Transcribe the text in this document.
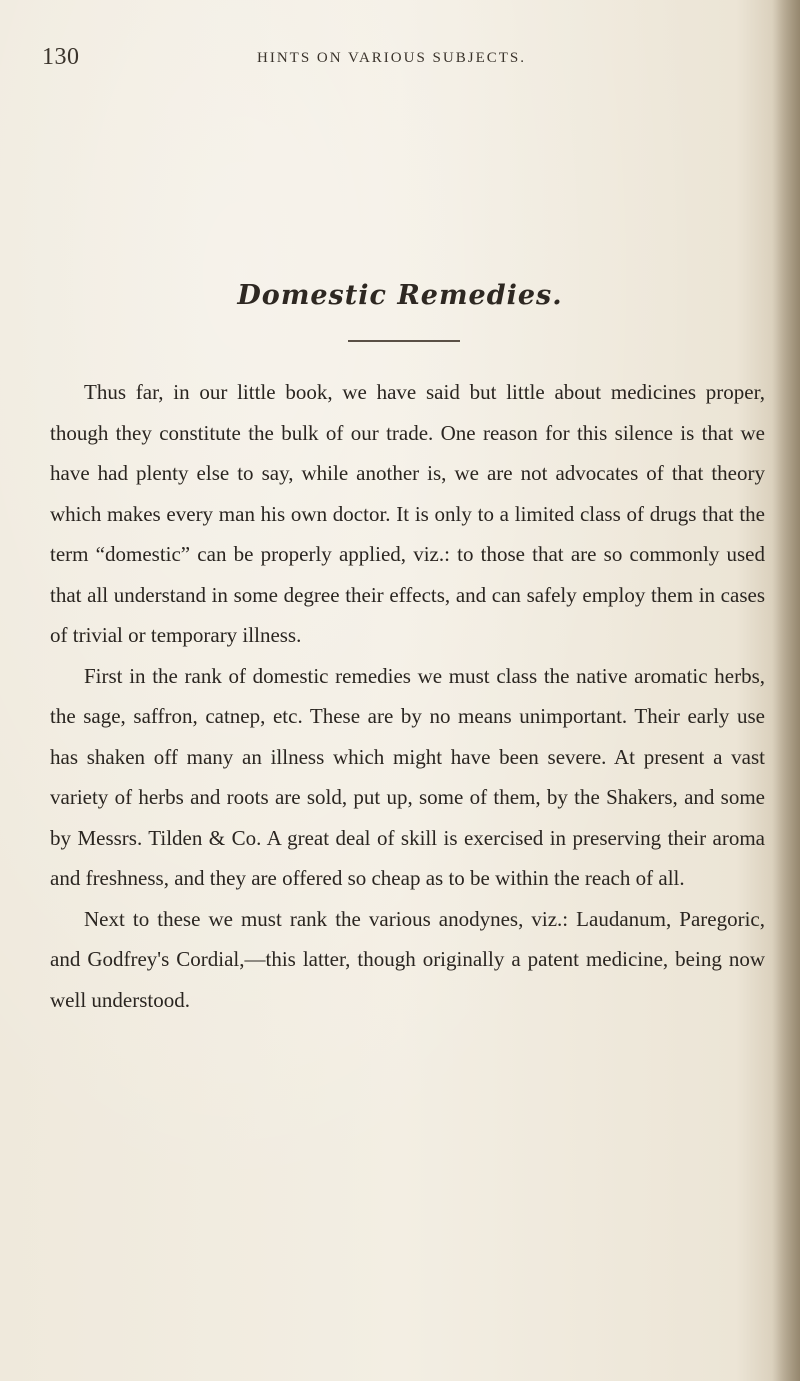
130	HINTS ON VARIOUS SUBJECTS.
Domestic Remedies.

Thus far, in our little book, we have said but little about medicines proper, though they constitute the bulk of our trade. One reason for this silence is that we have had plenty else to say, while another is, we are not advocates of that theory which makes every man his own doctor. It is only to a limited class of drugs that the term “domestic” can be properly applied, viz.: to those that are so commonly used that all understand in some degree their effects, and can safely employ them in cases of trivial or temporary illness.

First in the rank of domestic remedies we must class the native aromatic herbs, the sage, saffron, catnep, etc. These are by no means unimportant. Their early use has shaken off many an illness which might have been severe. At present a vast variety of herbs and roots are sold, put up, some of them, by the Shakers, and some by Messrs. Tilden & Co. A great deal of skill is exercised in preserving their aroma and freshness, and they are offered so cheap as to be within the reach of all.

Next to these we must rank the various anodynes, viz.: Laudanum, Paregoric, and Godfrey's Cordial,—this latter, though originally a patent medicine, being now well understood.
